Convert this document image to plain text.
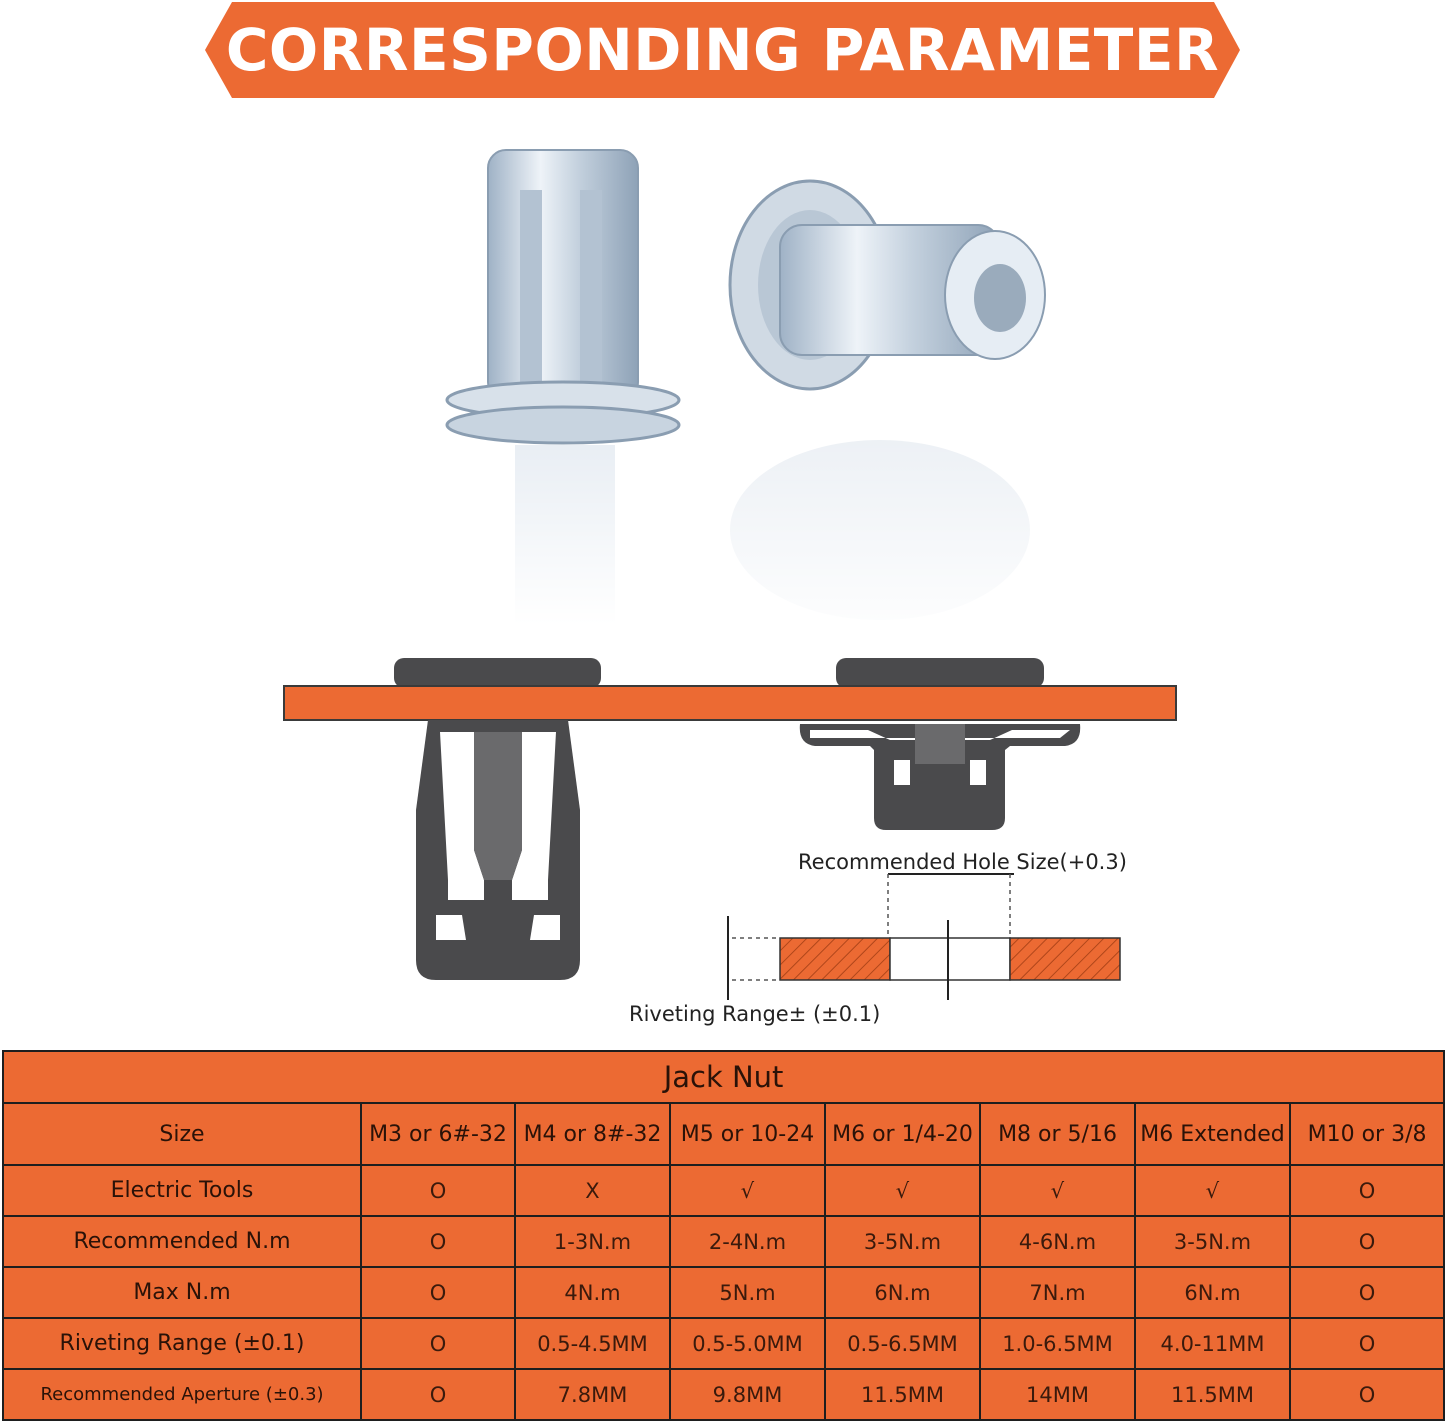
CORRESPONDING PARAMETER
Recommended Hole Size(+0.3)
Riveting Range± (±0.1)
Jack Nut							
Size	M3 or 6#-32	M4 or 8#-32	M5 or 10-24	M6 or 1/4-20	M8 or 5/16	M6 Extended	M10 or 3/8
Electric Tools	O	X	√	√	√	√	O
Recommended N.m	O	1-3N.m	2-4N.m	3-5N.m	4-6N.m	3-5N.m	O
Max N.m	O	4N.m	5N.m	6N.m	7N.m	6N.m	O
Riveting Range (±0.1)	O	0.5-4.5MM	0.5-5.0MM	0.5-6.5MM	1.0-6.5MM	4.0-11MM	O
Recommended Aperture (±0.3)	O	7.8MM	9.8MM	11.5MM	14MM	11.5MM	O
